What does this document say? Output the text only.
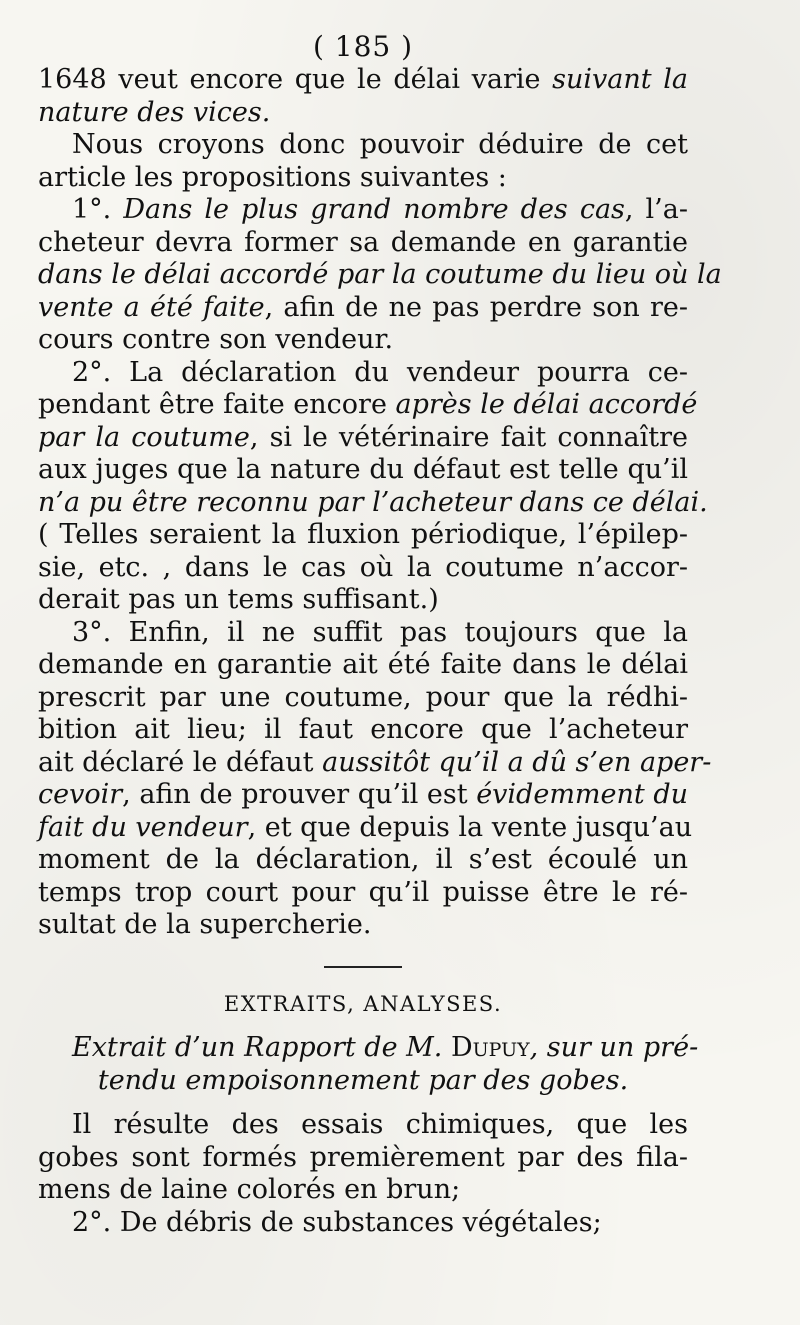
( 185 )
1648 veut encore que le délai varie suivant la
nature des vices.
Nous croyons donc pouvoir déduire de cet
article les propositions suivantes :
1°. Dans le plus grand nombre des cas, l’a-
cheteur devra former sa demande en garantie
dans le délai accordé par la coutume du lieu où la
vente a été faite, afin de ne pas perdre son re-
cours contre son vendeur.
2°. La déclaration du vendeur pourra ce-
pendant être faite encore après le délai accordé
par la coutume, si le vétérinaire fait connaître
aux juges que la nature du défaut est telle qu’il
n’a pu être reconnu par l’acheteur dans ce délai.
( Telles seraient la fluxion périodique, l’épilep-
sie, etc. , dans le cas où la coutume n’accor-
derait pas un tems suffisant.)
3°. Enfin, il ne suffit pas toujours que la
demande en garantie ait été faite dans le délai
prescrit par une coutume, pour que la rédhi-
bition ait lieu; il faut encore que l’acheteur
ait déclaré le défaut aussitôt qu’il a dû s’en aper-
cevoir, afin de prouver qu’il est évidemment du
fait du vendeur, et que depuis la vente jusqu’au
moment de la déclaration, il s’est écoulé un
temps trop court pour qu’il puisse être le ré-
sultat de la supercherie.
EXTRAITS, ANALYSES.
Extrait d’un Rapport de M. Dupuy, sur un pré-
tendu empoisonnement par des gobes.
Il résulte des essais chimiques, que les
gobes sont formés premièrement par des fila-
mens de laine colorés en brun;
2°. De débris de substances végétales;
